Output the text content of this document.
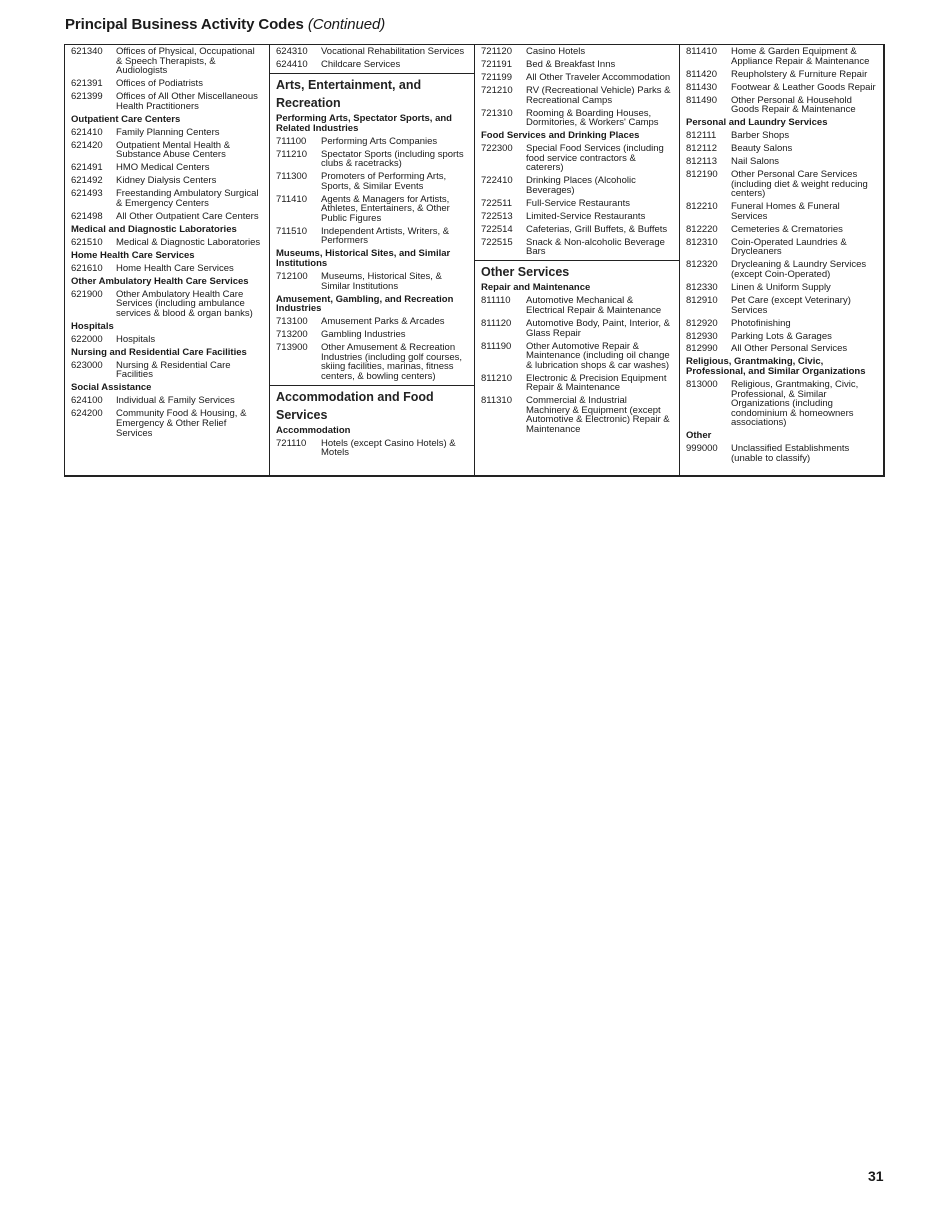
Principal Business Activity Codes (Continued)
621340	Offices of Physical, Occupational & Speech Therapists, & Audiologists
621391	Offices of Podiatrists
621399	Offices of All Other Miscellaneous Health Practitioners
Outpatient Care Centers
621410	Family Planning Centers
621420	Outpatient Mental Health & Substance Abuse Centers
621491	HMO Medical Centers
621492	Kidney Dialysis Centers
621493	Freestanding Ambulatory Surgical & Emergency Centers
621498	All Other Outpatient Care Centers
Medical and Diagnostic Laboratories
621510	Medical & Diagnostic Laboratories
Home Health Care Services
621610	Home Health Care Services
Other Ambulatory Health Care Services
621900	Other Ambulatory Health Care Services (including ambulance services & blood & organ banks)
Hospitals
622000	Hospitals
Nursing and Residential Care Facilities
623000	Nursing & Residential Care Facilities
Social Assistance
624100	Individual & Family Services
624200	Community Food & Housing, & Emergency & Other Relief Services
624310	Vocational Rehabilitation Services
624410	Childcare Services
Arts, Entertainment, and Recreation
Performing Arts, Spectator Sports, and Related Industries
711100	Performing Arts Companies
711210	Spectator Sports (including sports clubs & racetracks)
711300	Promoters of Performing Arts, Sports, & Similar Events
711410	Agents & Managers for Artists, Athletes, Entertainers, & Other Public Figures
711510	Independent Artists, Writers, & Performers
Museums, Historical Sites, and Similar Institutions
712100	Museums, Historical Sites, & Similar Institutions
Amusement, Gambling, and Recreation Industries
713100	Amusement Parks & Arcades
713200	Gambling Industries
713900	Other Amusement & Recreation Industries (including golf courses, skiing facilities, marinas, fitness centers, & bowling centers)
Accommodation and Food Services
Accommodation
721110	Hotels (except Casino Hotels) & Motels
721120	Casino Hotels
721191	Bed & Breakfast Inns
721199	All Other Traveler Accommodation
721210	RV (Recreational Vehicle) Parks & Recreational Camps
721310	Rooming & Boarding Houses, Dormitories, & Workers' Camps
Food Services and Drinking Places
722300	Special Food Services (including food service contractors & caterers)
722410	Drinking Places (Alcoholic Beverages)
722511	Full-Service Restaurants
722513	Limited-Service Restaurants
722514	Cafeterias, Grill Buffets, & Buffets
722515	Snack & Non-alcoholic Beverage Bars
Other Services
Repair and Maintenance
811110	Automotive Mechanical & Electrical Repair & Maintenance
811120	Automotive Body, Paint, Interior, & Glass Repair
811190	Other Automotive Repair & Maintenance (including oil change & lubrication shops & car washes)
811210	Electronic & Precision Equipment Repair & Maintenance
811310	Commercial & Industrial Machinery & Equipment (except Automotive & Electronic) Repair & Maintenance
811410	Home & Garden Equipment & Appliance Repair & Maintenance
811420	Reupholstery & Furniture Repair
811430	Footwear & Leather Goods Repair
811490	Other Personal & Household Goods Repair & Maintenance
Personal and Laundry Services
812111	Barber Shops
812112	Beauty Salons
812113	Nail Salons
812190	Other Personal Care Services (including diet & weight reducing centers)
812210	Funeral Homes & Funeral Services
812220	Cemeteries & Crematories
812310	Coin-Operated Laundries & Drycleaners
812320	Drycleaning & Laundry Services (except Coin-Operated)
812330	Linen & Uniform Supply
812910	Pet Care (except Veterinary) Services
812920	Photofinishing
812930	Parking Lots & Garages
812990	All Other Personal Services
Religious, Grantmaking, Civic, Professional, and Similar Organizations
813000	Religious, Grantmaking, Civic, Professional, & Similar Organizations (including condominium & homeowners associations)
Other
999000	Unclassified Establishments (unable to classify)
31
